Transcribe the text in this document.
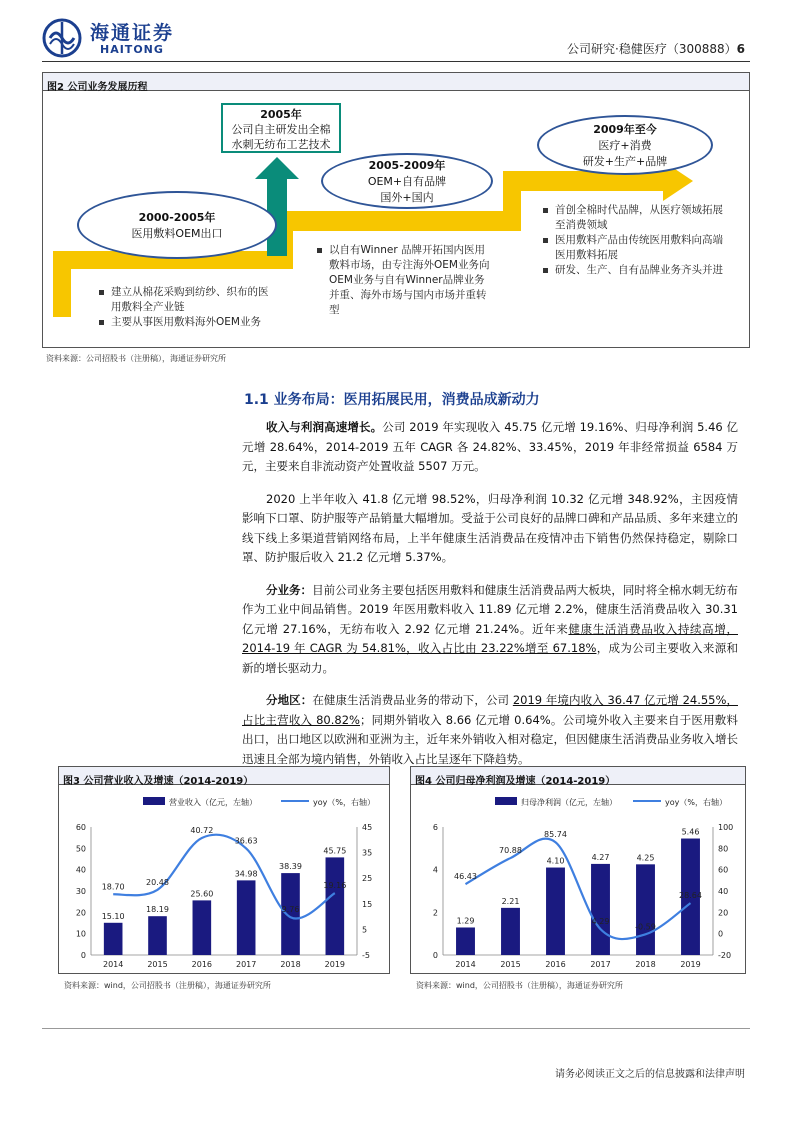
海通证券
HAITONG	公司研究·稳健医疗（300888）6
图2 公司业务发展历程
2000-2005年
医用敷料OEM出口
2005年
公司自主研发出全棉
水刺无纺布工艺技术
2005-2009年
OEM+自有品牌
国外+国内
2009年至今
医疗+消费
研发+生产+品牌
建立从棉花采购到纺纱、织布的医用敷料全产业链
主要从事医用敷料海外OEM业务
以自有Winner 品牌开拓国内医用敷料市场，由专注海外OEM业务向OEM业务与自有Winner品牌业务并重、海外市场与国内市场并重转型
首创全棉时代品牌，从医疗领域拓展至消费领域
医用敷料产品由传统医用敷料向高端医用敷料拓展
研发、生产、自有品牌业务齐头并进
资料来源：公司招股书（注册稿），海通证券研究所
1.1 业务布局：医用拓展民用，消费品成新动力

收入与利润高速增长。公司 2019 年实现收入 45.75 亿元增 19.16%、归母净利润 5.46 亿元增 28.64%，2014-2019 五年 CAGR 各 24.82%、33.45%，2019 年非经常损益 6584 万元，主要来自非流动资产处置收益 5507 万元。

2020 上半年收入 41.8 亿元增 98.52%，归母净利润 10.32 亿元增 348.92%，主因疫情影响下口罩、防护服等产品销量大幅增加。受益于公司良好的品牌口碑和产品品质、多年来建立的线下线上多渠道营销网络布局，上半年健康生活消费品在疫情冲击下销售仍然保持稳定，剔除口罩、防护服后收入 21.2 亿元增 5.37%。

分业务：目前公司业务主要包括医用敷料和健康生活消费品两大板块，同时将全棉水刺无纺布作为工业中间品销售。2019 年医用敷料收入 11.89 亿元增 2.2%，健康生活消费品收入 30.31 亿元增 27.16%，无纺布收入 2.92 亿元增 21.24%。近年来健康生活消费品收入持续高增，2014-19 年 CAGR 为 54.81%，收入占比由 23.22%增至 67.18%，成为公司主要收入来源和新的增长驱动力。

分地区：在健康生活消费品业务的带动下，公司 2019 年境内收入 36.47 亿元增 24.55%，占比主营收入 80.82%；同期外销收入 8.66 亿元增 0.64%。公司境外收入主要来自于医用敷料出口，出口地区以欧洲和亚洲为主，近年来外销收入相对稳定，但因健康生活消费品业务收入增长迅速且全部为境内销售，外销收入占比呈逐年下降趋势。

图3 公司营业收入及增速（2014-2019）
营业收入（亿元，左轴）	yoy（%，右轴）
0
10
20
30
40
50
60
-5
5
15
25
35
45
15.10
2014
18.19
2015
25.60
2016
34.98
2017
38.39
2018
45.75
2019
18.70
20.48
40.72
36.63
9.76
19.16
资料来源：wind，公司招股书（注册稿），海通证券研究所
图4 公司归母净利润及增速（2014-2019）
归母净利润（亿元，左轴）	yoy（%，右轴）
0
2
4
6
-20
0
20
40
60
80
100
1.29
2014
2.21
2015
4.10
2016
4.27
2017
4.25
2018
5.46
2019
46.43
70.88
85.74
4.29
-0.59
28.64
资料来源：wind，公司招股书（注册稿），海通证券研究所
请务必阅读正文之后的信息披露和法律声明
